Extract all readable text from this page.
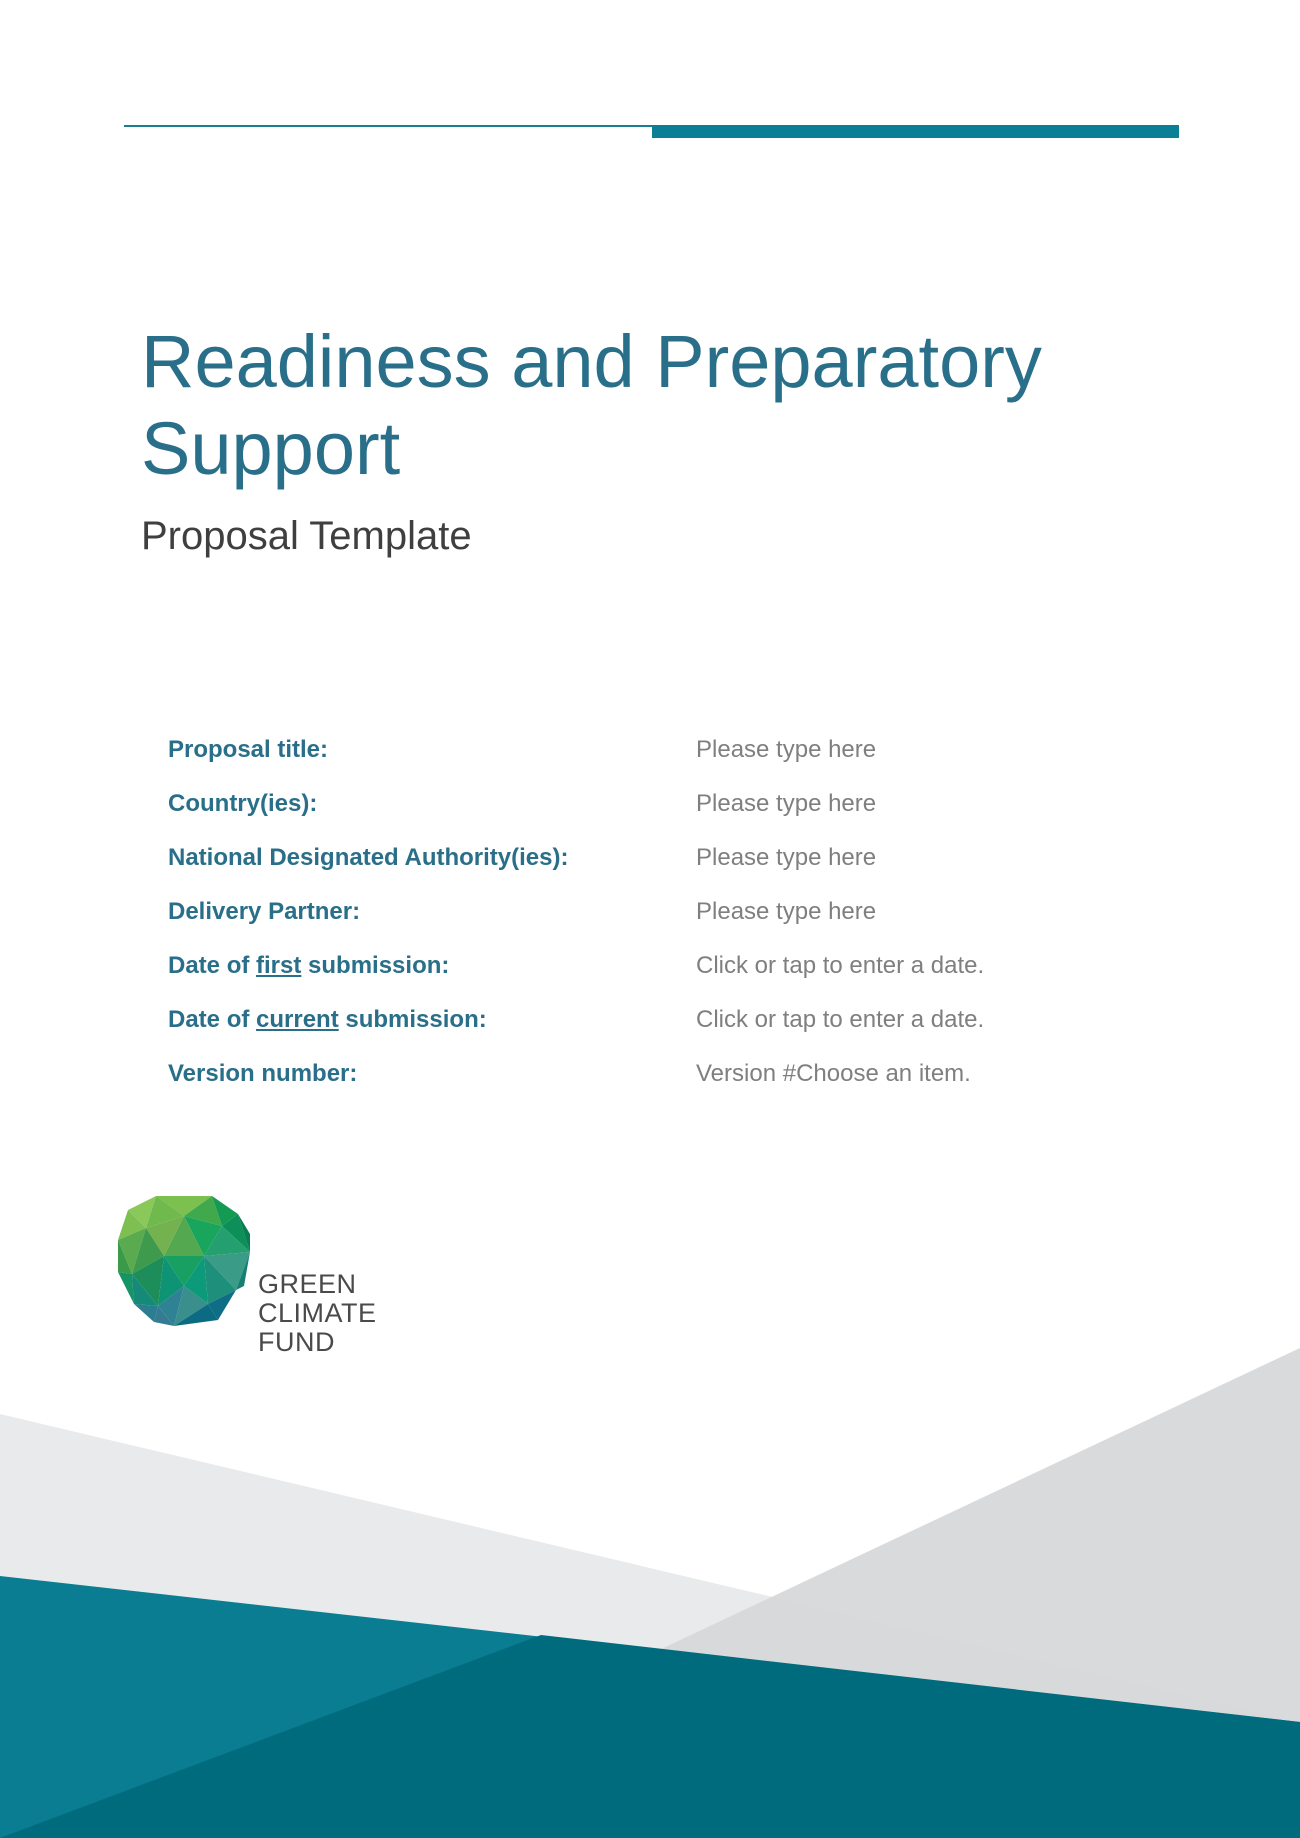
Readiness and Preparatory Support
Proposal Template
Proposal title:	Please type here
Country(ies):	Please type here
National Designated Authority(ies):	Please type here
Delivery Partner:	Please type here
Date of first submission:	Click or tap to enter a date.
Date of current submission:	Click or tap to enter a date.
Version number:	Version #Choose an item.
GREEN
CLIMATE
FUND
